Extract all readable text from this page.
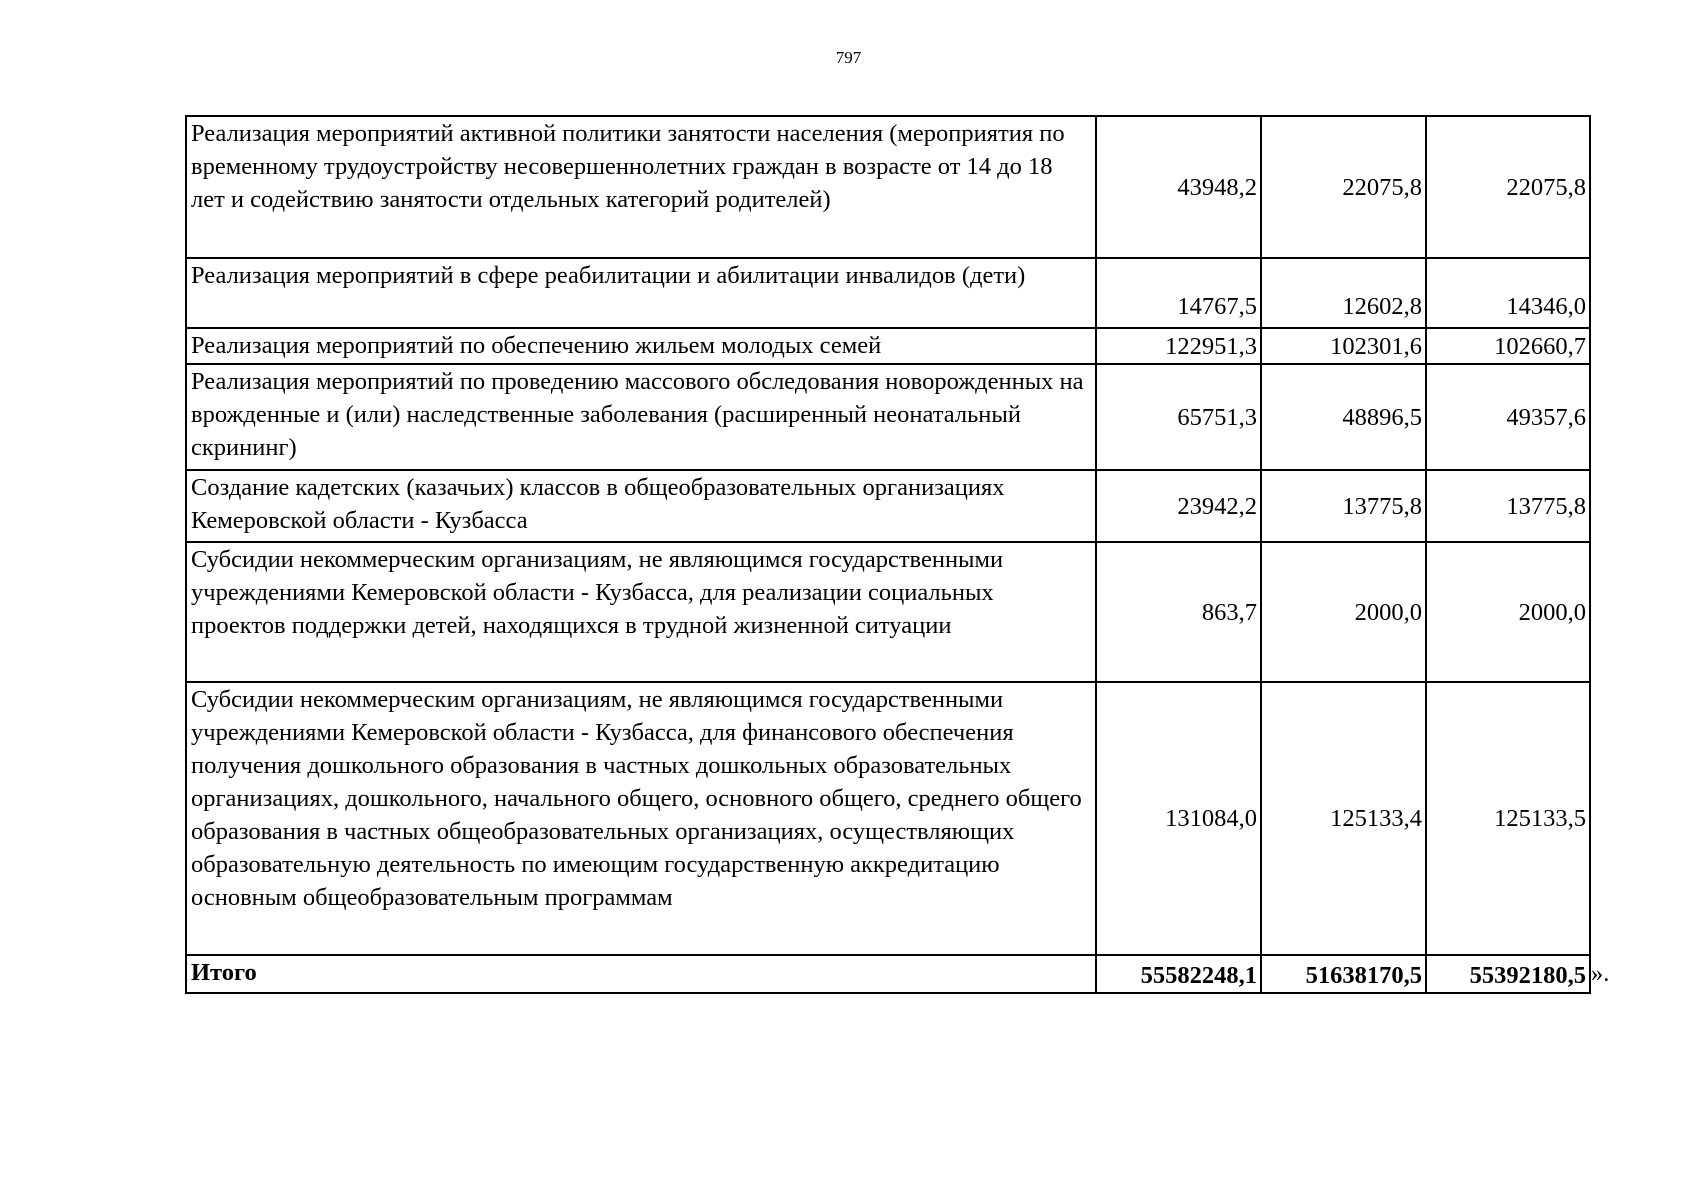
797
Реализация мероприятий активной политики занятости населения (мероприятия по временному трудоустройству несовершеннолетних граждан в возрасте от 14 до 18 лет и содействию занятости отдельных категорий родителей)	43948,2	22075,8	22075,8
Реализация мероприятий в сфере реабилитации и абилитации инвалидов (дети)	14767,5	12602,8	14346,0
Реализация мероприятий по обеспечению жильем молодых семей	122951,3	102301,6	102660,7
Реализация мероприятий по проведению массового обследования новорожденных на врожденные и (или) наследственные заболевания (расширенный неонатальный скрининг)	65751,3	48896,5	49357,6
Создание кадетских (казачьих) классов в общеобразовательных организациях Кемеровской области - Кузбасса	23942,2	13775,8	13775,8
Субсидии некоммерческим организациям, не являющимся государственными учреждениями Кемеровской области - Кузбасса, для реализации социальных проектов поддержки детей, находящихся в трудной жизненной ситуации	863,7	2000,0	2000,0
Субсидии некоммерческим организациям, не являющимся государственными учреждениями Кемеровской области - Кузбасса, для финансового обеспечения получения дошкольного образования в частных дошкольных образовательных организациях, дошкольного, начального общего, основного общего, среднего общего образования в частных общеобразовательных организациях, осуществляющих образовательную деятельность по имеющим государственную аккредитацию основным общеобразовательным программам	131084,0	125133,4	125133,5
Итого	55582248,1	51638170,5	55392180,5 ».
